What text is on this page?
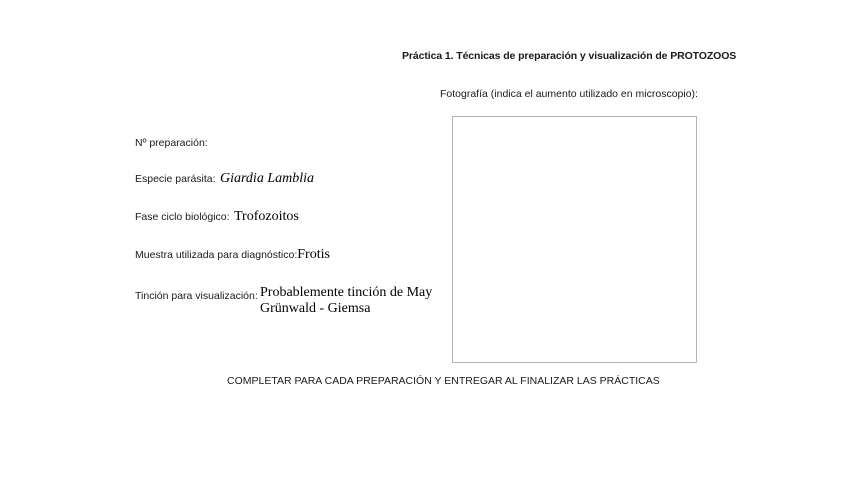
Práctica 1. Técnicas de preparación y visualización de PROTOZOOS
Fotografía (indica el aumento utilizado en microscopio):
Nº preparación:
Especie parásita: Giardia Lamblia
Fase ciclo biológico: Trofozoitos
Muestra utilizada para diagnóstico:Frotis
Tinción para visualización: Probablemente tinción de May
Grünwald - Giemsa
COMPLETAR PARA CADA PREPARACIÓN Y ENTREGAR AL FINALIZAR LAS PRÁCTICAS
